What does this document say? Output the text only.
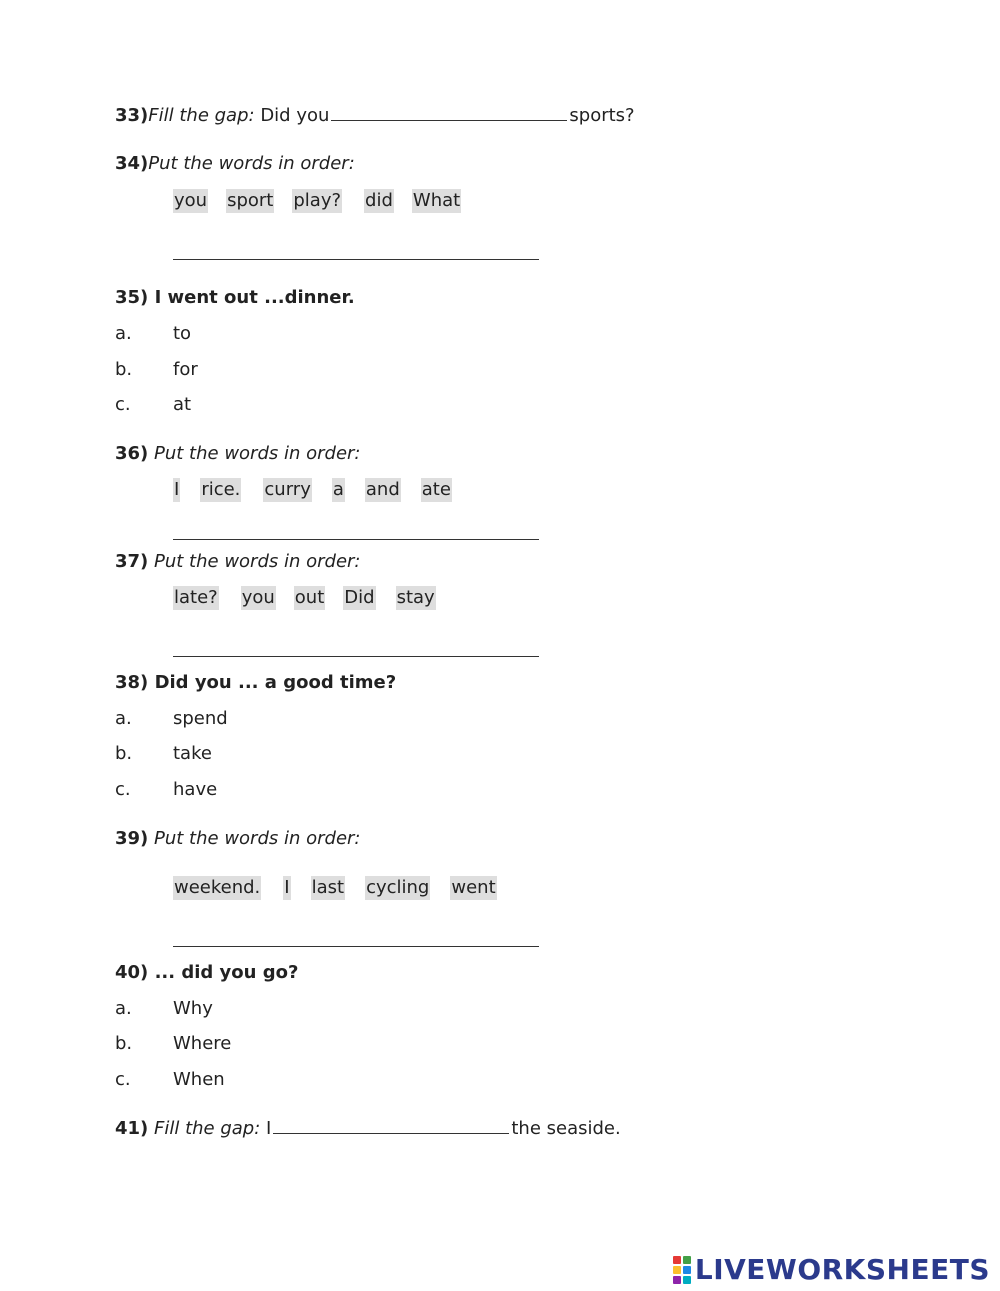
33)Fill the gap: Did you	sports?
34)Put the words in order:
you sport play? did What
35) I went out ...dinner.
a. to
b. for
c. at
36) Put the words in order:
I rice. curry a and ate
37) Put the words in order:
late? you out Did stay
38) Did you ... a good time?
a. spend
b. take
c. have
39) Put the words in order:
weekend. I last cycling went
40) ... did you go?
a. Why
b. Where
c. When
41) Fill the gap: I	the seaside.
LIVEWORKSHEETS
